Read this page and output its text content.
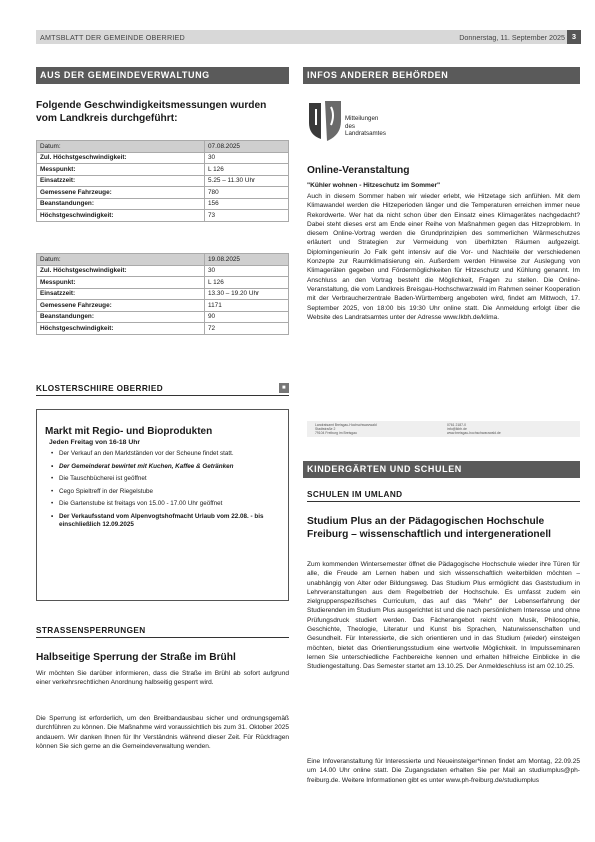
AMTSBLATT DER GEMEINDE OBERRIED	Donnerstag, 11. September 2025 3
AUS DER GEMEINDEVERWALTUNG
Folgende Geschwindigkeitsmessungen wurden vom Landkreis durchgeführt:
Datum:	07.08.2025
Zul. Höchstgeschwindigkeit:	30
Messpunkt:	L 126
Einsatzzeit:	5.25 – 11.30 Uhr
Gemessene Fahrzeuge:	780
Beanstandungen:	156
Höchstgeschwindigkeit:	73
Datum:	19.08.2025
Zul. Höchstgeschwindigkeit:	30
Messpunkt:	L 126
Einsatzzeit:	13.30 – 19.20 Uhr
Gemessene Fahrzeuge:	1171
Beanstandungen:	90
Höchstgeschwindigkeit:	72
KLOSTERSCHIIRE OBERRIED	■
Markt mit Regio- und Bioprodukten
Jeden Freitag von 16-18 Uhr
• Der Verkauf an den Marktständen vor der Scheune findet statt.
• Der Gemeinderat bewirtet mit Kuchen, Kaffee & Getränken
• Die Tauschbücherei ist geöffnet
• Cego Spieltreff in der Riegelstube
• Die Gartenstube ist freitags von 15.00 - 17.00 Uhr geöffnet
• Der Verkaufsstand vom Alpenvogtshofmacht Urlaub vom 22.08. - bis einschließlich 12.09.2025
STRASSENSPERRUNGEN
Halbseitige Sperrung der Straße im Brühl
Wir möchten Sie darüber informieren, dass die Straße im Brühl ab sofort aufgrund einer verkehrsrechtlichen Anordnung halbseitig gesperrt wird.
Die Sperrung ist erforderlich, um den Breitbandausbau sicher und ordnungsgemäß durchführen zu können. Die Maßnahme wird voraussichtlich bis zum 31. Oktober 2025 andauern. Wir danken Ihnen für Ihr Verständnis während dieser Zeit. Für Rückfragen können Sie sich gerne an die Gemeindeverwaltung wenden.
INFOS ANDERER BEHÖRDEN
Mitteilungen
des
Landratsamtes
Online-Veranstaltung
"Kühler wohnen - Hitzeschutz im Sommer"
Auch in diesem Sommer haben wir wieder erlebt, wie Hitzetage sich anfühlen. Mit dem Klimawandel werden die Hitzeperioden länger und die Temperaturen erreichen immer neue Rekordwerte. Wer hat da nicht schon über den Einsatz eines Klimagerätes nachgedacht? Dabei steht dieses erst am Ende einer Reihe von Maßnahmen gegen das Hitzeproblem. In diesem Online-Vortrag werden die Grundprinzipien des sommerlichen Wärmeschutzes erläutert und Strategien zur Vermeidung von überhitzten Räumen aufgezeigt. Diplomingenieurin Jo Falk geht intensiv auf die Vor- und Nachteile der verschiedenen Konzepte zur Raumklimatisierung ein. Außerdem werden Hinweise zur Auslegung von Klimageräten gegeben und Fördermöglichkeiten für Hitzeschutz und Kühlung genannt. Im Anschluss an den Vortrag besteht die Möglichkeit, Fragen zu stellen. Die Online-Veranstaltung, die vom Landkreis Breisgau-Hochschwarzwald im Rahmen seiner Kooperation mit der Verbraucherzentrale Baden-Württemberg angeboten wird, findet am Mittwoch, 17. September 2025, von 18:00 bis 19:30 Uhr online statt. Die Anmeldung erfolgt über die Website des Landratsamtes unter der Adresse www.lkbh.de/klima.
Landratsamt Breisgau-Hochschwarzwald
Stadtstraße 2
79104 Freiburg im Breisgau
0761 2187-0
info@lkbh.de
www.breisgau-hochschwarzwald.de
KINDERGÄRTEN UND SCHULEN
SCHULEN IM UMLAND
Studium Plus an der Pädagogischen Hochschule Freiburg – wissenschaftlich und intergenerationell
Zum kommenden Wintersemester öffnet die Pädagogische Hochschule wieder ihre Türen für alle, die Freude am Lernen haben und sich wissenschaftlich weiterbilden möchten – unabhängig von Alter oder Bildungsweg. Das Studium Plus ermöglicht das Gaststudium in Lehrveranstaltungen aus dem Regelbetrieb der Hochschule. Es umfasst zudem ein zielgruppenspezifisches Curriculum, das auf das "Mehr" der Lebenserfahrung der Studierenden im Studium Plus ausgerichtet ist und die nach persönlichem Interesse und ohne Prüfungsdruck studiert werden. Das Fächerangebot reicht von Musik, Philosophie, Geschichte, Theologie, Literatur und Kunst bis Sprachen, Naturwissenschaften und Gesundheit. Für Interessierte, die sich orientieren und in das Studium (wieder) einsteigen möchten, bietet das Orientierungsstudium eine wertvolle Möglichkeit. In Impulsseminaren lernen Sie unterschiedliche Fachbereiche kennen und erhalten hilfreiche Einblicke in die Studiengestaltung. Das Semester startet am 13.10.25. Der Anmeldeschluss ist am 02.10.25.
Eine Infoveranstaltung für Interessierte und Neueinsteiger*innen findet am Montag, 22.09.25 um 14.00 Uhr online statt. Die Zugangsdaten erhalten Sie per Mail an studiumplus@ph-freiburg.de. Weitere Informationen gibt es unter www.ph-freiburg.de/studiumplus
